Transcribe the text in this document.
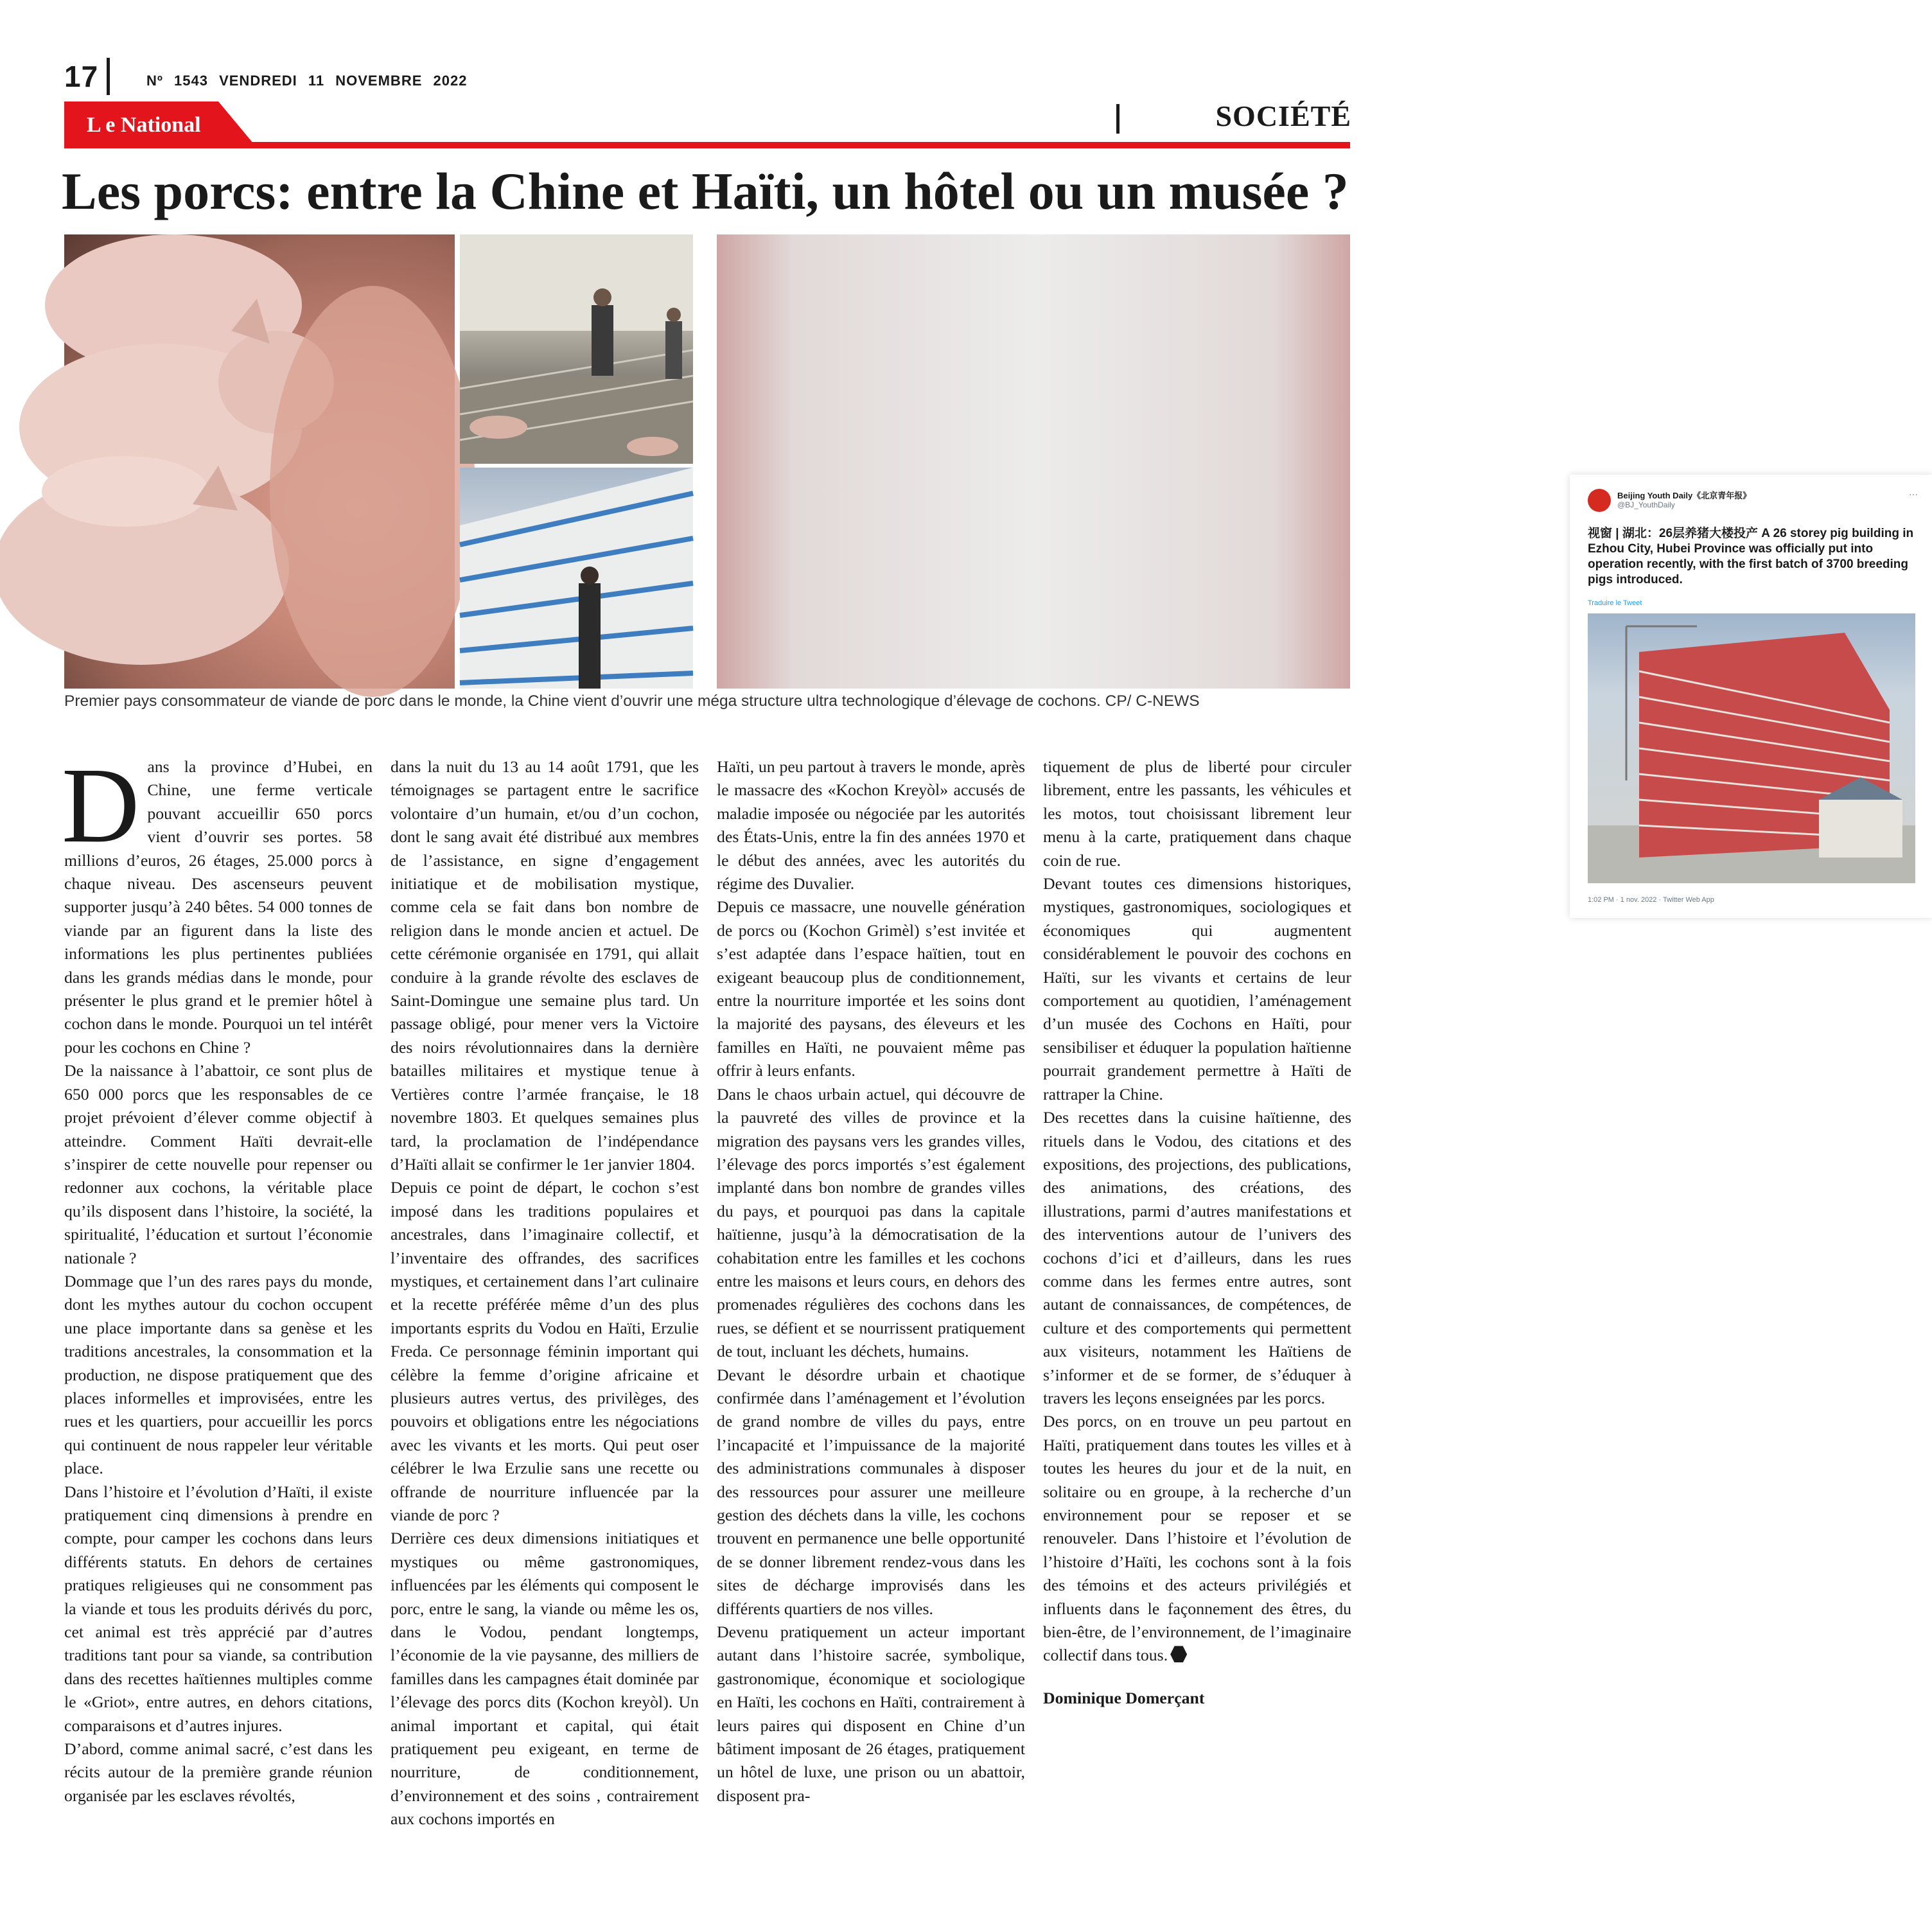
17	Nº 1543 VENDREDI 11 NOVEMBRE 2022
L e National	SOCIÉTÉ
Les porcs: entre la Chine et Haïti, un hôtel ou un musée ?
Beijing Youth Daily《北京青年报》
@BJ_YouthDaily
···
视窗 | 湖北：26层养猪大楼投产 A 26 storey pig building in Ezhou City, Hubei Province was officially put into operation recently, with the first batch of 3700 breeding pigs introduced.
Traduire le Tweet
1:02 PM · 1 nov. 2022 · Twitter Web App
Premier pays consommateur de viande de porc dans le monde, la Chine vient d’ouvrir une méga structure ultra technologique d’élevage de cochons. CP/ C-NEWS

Dans la province d’Hubei, en Chine, une ferme verticale pouvant accueillir 650 porcs vient d’ouvrir ses portes. 58 millions d’euros, 26 étages, 25.000 porcs à chaque niveau. Des ascenseurs peuvent supporter jusqu’à 240 bêtes. 54 000 tonnes de viande par an figurent dans la liste des informations les plus pertinentes publiées dans les grands médias dans le monde, pour présenter le plus grand et le premier hôtel à cochon dans le monde. Pourquoi un tel intérêt pour les cochons en Chine ?

De la naissance à l’abattoir, ce sont plus de 650 000 porcs que les responsables de ce projet prévoient d’élever comme objectif à atteindre. Comment Haïti devrait-elle s’inspirer de cette nouvelle pour repenser ou redonner aux cochons, la véritable place qu’ils disposent dans l’histoire, la société, la spiritualité, l’éducation et surtout l’économie nationale ?

Dommage que l’un des rares pays du monde, dont les mythes autour du cochon occupent une place importante dans sa genèse et les traditions ancestrales, la consommation et la production, ne dispose pratiquement que des places informelles et improvisées, entre les rues et les quartiers, pour accueillir les porcs qui continuent de nous rappeler leur véritable place.

Dans l’histoire et l’évolution d’Haïti, il existe pratiquement cinq dimensions à prendre en compte, pour camper les cochons dans leurs différents statuts. En dehors de certaines pratiques religieuses qui ne consomment pas la viande et tous les produits dérivés du porc, cet animal est très apprécié par d’autres traditions tant pour sa viande, sa contribution dans des recettes haïtiennes multiples comme le «Griot», entre autres, en dehors citations, comparaisons et d’autres injures.

D’abord, comme animal sacré, c’est dans les récits autour de la première grande réunion organisée par les esclaves révoltés,

dans la nuit du 13 au 14 août 1791, que les témoignages se partagent entre le sacrifice volontaire d’un humain, et/ou d’un cochon, dont le sang avait été distribué aux membres de l’assistance, en signe d’engagement initiatique et de mobilisation mystique, comme cela se fait dans bon nombre de religion dans le monde ancien et actuel. De cette cérémonie organisée en 1791, qui allait conduire à la grande révolte des esclaves de Saint-Domingue une semaine plus tard. Un passage obligé, pour mener vers la Victoire des noirs révolutionnaires dans la dernière batailles militaires et mystique tenue à Vertières contre l’armée française, le 18 novembre 1803. Et quelques semaines plus tard, la proclamation de l’indépendance d’Haïti allait se confirmer le 1er janvier 1804.

Depuis ce point de départ, le cochon s’est imposé dans les traditions populaires et ancestrales, dans l’imaginaire collectif, et l’inventaire des offrandes, des sacrifices mystiques, et certainement dans l’art culinaire et la recette préférée même d’un des plus importants esprits du Vodou en Haïti, Erzulie Freda. Ce personnage féminin important qui célèbre la femme d’origine africaine et plusieurs autres vertus, des privilèges, des pouvoirs et obligations entre les négociations avec les vivants et les morts. Qui peut oser célébrer le lwa Erzulie sans une recette ou offrande de nourriture influencée par la viande de porc ?

Derrière ces deux dimensions initiatiques et mystiques ou même gastronomiques, influencées par les éléments qui composent le porc, entre le sang, la viande ou même les os, dans le Vodou, pendant longtemps, l’économie de la vie paysanne, des milliers de familles dans les campagnes était dominée par l’élevage des porcs dits (Kochon kreyòl). Un animal important et capital, qui était pratiquement peu exigeant, en terme de nourriture, de conditionnement, d’environnement et des soins , contrairement aux cochons importés en

Haïti, un peu partout à travers le monde, après le massacre des «Kochon Kreyòl» accusés de maladie imposée ou négociée par les autorités des États-Unis, entre la fin des années 1970 et le début des années, avec les autorités du régime des Duvalier.

Depuis ce massacre, une nouvelle génération de porcs ou (Kochon Grimèl) s’est invitée et s’est adaptée dans l’espace haïtien, tout en exigeant beaucoup plus de conditionnement, entre la nourriture importée et les soins dont la majorité des paysans, des éleveurs et les familles en Haïti, ne pouvaient même pas offrir à leurs enfants.

Dans le chaos urbain actuel, qui découvre de la pauvreté des villes de province et la migration des paysans vers les grandes villes, l’élevage des porcs importés s’est également implanté dans bon nombre de grandes villes du pays, et pourquoi pas dans la capitale haïtienne, jusqu’à la démocratisation de la cohabitation entre les familles et les cochons entre les maisons et leurs cours, en dehors des promenades régulières des cochons dans les rues, se défient et se nourrissent pratiquement de tout, incluant les déchets, humains.

Devant le désordre urbain et chaotique confirmée dans l’aménagement et l’évolution de grand nombre de villes du pays, entre l’incapacité et l’impuissance de la majorité des administrations communales à disposer des ressources pour assurer une meilleure gestion des déchets dans la ville, les cochons trouvent en permanence une belle opportunité de se donner librement rendez-vous dans les sites de décharge improvisés dans les différents quartiers de nos villes.

Devenu pratiquement un acteur important autant dans l’histoire sacrée, symbolique, gastronomique, économique et sociologique en Haïti, les cochons en Haïti, contrairement à leurs paires qui disposent en Chine d’un bâtiment imposant de 26 étages, pratiquement un hôtel de luxe, une prison ou un abattoir, disposent pra-

tiquement de plus de liberté pour circuler librement, entre les passants, les véhicules et les motos, tout choisissant librement leur menu à la carte, pratiquement dans chaque coin de rue.

Devant toutes ces dimensions historiques, mystiques, gastronomiques, sociologiques et économiques qui augmentent considérablement le pouvoir des cochons en Haïti, sur les vivants et certains de leur comportement au quotidien, l’aménagement d’un musée des Cochons en Haïti, pour sensibiliser et éduquer la population haïtienne pourrait grandement permettre à Haïti de rattraper la Chine.

Des recettes dans la cuisine haïtienne, des rituels dans le Vodou, des citations et des expositions, des projections, des publications, des animations, des créations, des illustrations, parmi d’autres manifestations et des interventions autour de l’univers des cochons d’ici et d’ailleurs, dans les rues comme dans les fermes entre autres, sont autant de connaissances, de compétences, de culture et des comportements qui permettent aux visiteurs, notamment les Haïtiens de s’informer et de se former, de s’éduquer à travers les leçons enseignées par les porcs.

Des porcs, on en trouve un peu partout en Haïti, pratiquement dans toutes les villes et à toutes les heures du jour et de la nuit, en solitaire ou en groupe, à la recherche d’un environnement pour se reposer et se renouveler. Dans l’histoire et l’évolution de l’histoire d’Haïti, les cochons sont à la fois des témoins et des acteurs privilégiés et influents dans le façonnement des êtres, du bien-être, de l’environnement, de l’imaginaire collectif dans tous.

Dominique Domerçant
